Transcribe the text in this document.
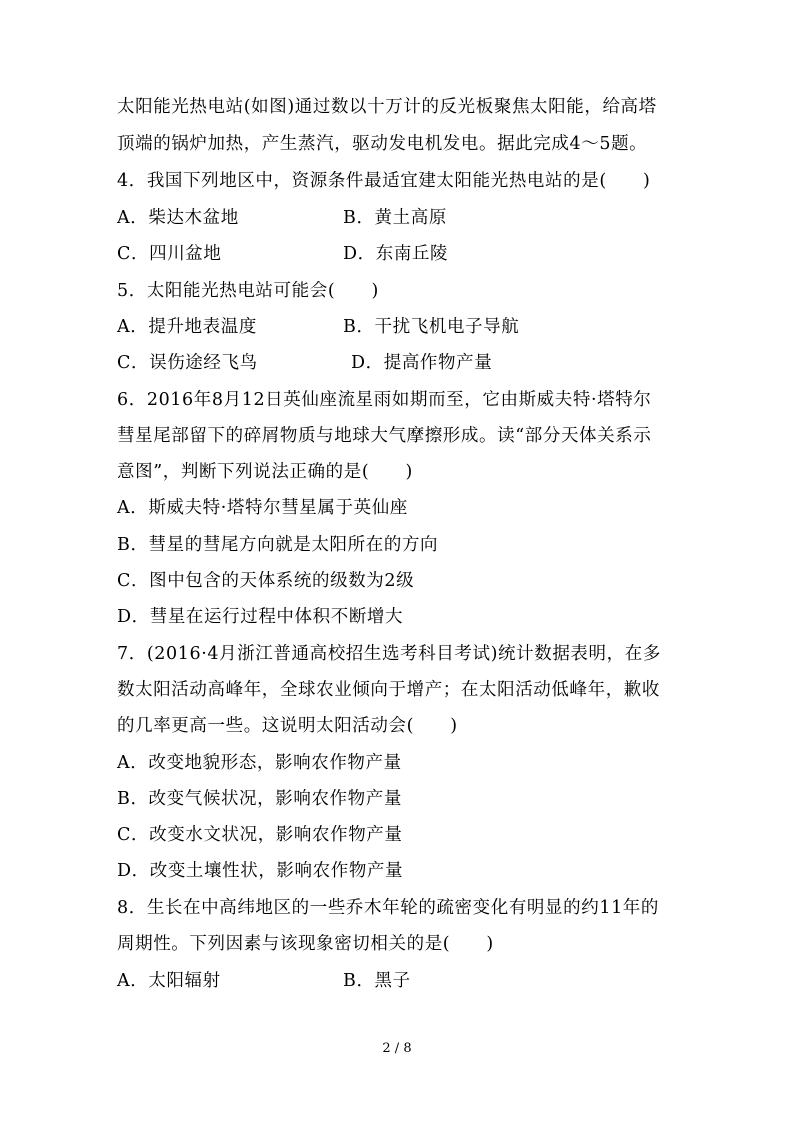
太阳能光热电站(如图)通过数以十万计的反光板聚焦太阳能，给高塔
顶端的锅炉加热，产生蒸汽，驱动发电机发电。据此完成4～5题。
4．我国下列地区中，资源条件最适宜建太阳能光热电站的是(　　)
A．柴达木盆地	B．黄土高原
C．四川盆地	D．东南丘陵
5．太阳能光热电站可能会(　　)
A．提升地表温度	B．干扰飞机电子导航
C．误伤途经飞鸟	D．提高作物产量
6．2016年8月12日英仙座流星雨如期而至，它由斯威夫特·塔特尔
彗星尾部留下的碎屑物质与地球大气摩擦形成。读“部分天体关系示
意图”，判断下列说法正确的是(　　)
A．斯威夫特·塔特尔彗星属于英仙座
B．彗星的彗尾方向就是太阳所在的方向
C．图中包含的天体系统的级数为2级
D．彗星在运行过程中体积不断增大
7．(2016·4月浙江普通高校招生选考科目考试)统计数据表明，在多
数太阳活动高峰年，全球农业倾向于增产；在太阳活动低峰年，歉收
的几率更高一些。这说明太阳活动会(　　)
A．改变地貌形态，影响农作物产量
B．改变气候状况，影响农作物产量
C．改变水文状况，影响农作物产量
D．改变土壤性状，影响农作物产量
8．生长在中高纬地区的一些乔木年轮的疏密变化有明显的约11年的
周期性。下列因素与该现象密切相关的是(　　)
A．太阳辐射	B．黑子
2 / 8
